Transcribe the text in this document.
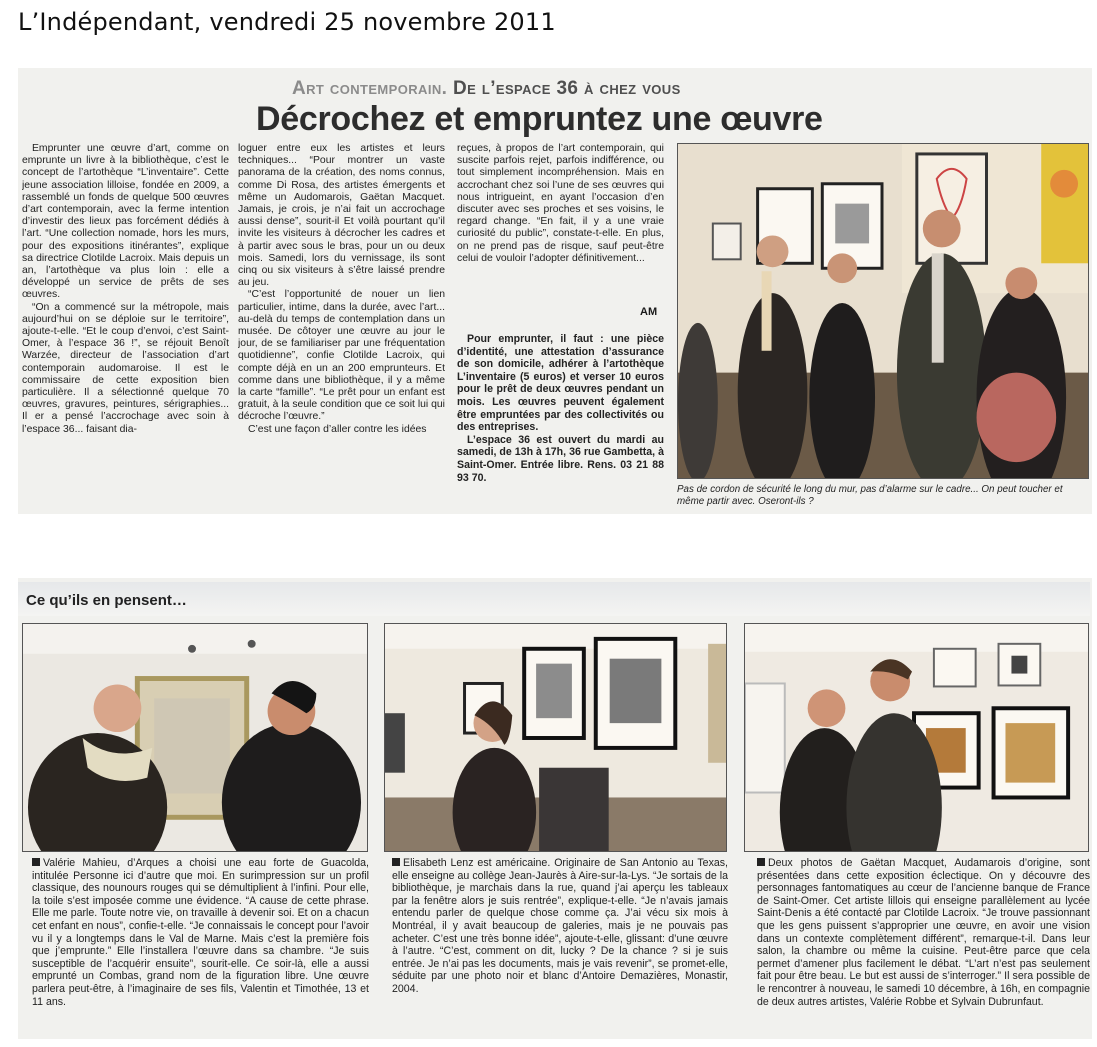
L’Indépendant, vendredi 25 novembre 2011
Art contemporain. De l’espace 36 à chez vous
Décrochez et empruntez une œuvre

Emprunter une œuvre d’art, comme on emprunte un livre à la bibliothèque, c’est le concept de l’artothèque “L’inventaire”. Cette jeune association lilloise, fondée en 2009, a rassemblé un fonds de quelque 500 œuvres d’art contemporain, avec la ferme intention d’investir des lieux pas forcément dédiés à l’art. “Une collection nomade, hors les murs, pour des expositions itinérantes”, explique sa directrice Clotilde Lacroix. Mais depuis un an, l’artothèque va plus loin : elle a développé un service de prêts de ses œuvres.

“On a commencé sur la métropole, mais aujourd’hui on se déploie sur le territoire”, ajoute-t-elle. “Et le coup d’envoi, c’est Saint-Omer, à l’espace 36 !”, se réjouit Benoît Warzée, directeur de l’association d’art contemporain audomaroise. Il est le commissaire de cette exposition bien particulière. Il a sélectionné quelque 70 œuvres, gravures, peintures, sérigraphies... Il er a pensé l’accrochage avec soin à l’espace 36... faisant dia-

loguer entre eux les artistes et leurs techniques... “Pour montrer un vaste panorama de la création, des noms connus, comme Di Rosa, des artistes émergents et même un Audomarois, Gaëtan Macquet. Jamais, je crois, je n’ai fait un accrochage aussi dense”, sourit-il Et voilà pourtant qu’il invite les visiteurs à décrocher les cadres et à partir avec sous le bras, pour un ou deux mois. Samedi, lors du vernissage, ils sont cinq ou six visiteurs à s’être laissé prendre au jeu.

“C’est l’opportunité de nouer un lien particulier, intime, dans la durée, avec l’art... au-delà du temps de contemplation dans un musée. De côtoyer une œuvre au jour le jour, de se familiariser par une fréquentation quotidienne”, confie Clotilde Lacroix, qui compte déjà en un an 200 emprunteurs. Et comme dans une bibliothèque, il y a même la carte “famille”. “Le prêt pour un enfant est gratuit, à la seule condition que ce soit lui qui décroche l’œuvre.”

C’est une façon d’aller contre les idées

reçues, à propos de l’art contemporain, qui suscite parfois rejet, parfois indifférence, ou tout simplement incompréhension. Mais en accrochant chez soi l’une de ses œuvres qui nous intrigueint, en ayant l’occasion d’en discuter avec ses proches et ses voisins, le regard change. “En fait, il y a une vraie curiosité du public”, constate-t-elle. En plus, on ne prend pas de risque, sauf peut-être celui de vouloir l’adopter définitivement...

AM

Pour emprunter, il faut : une pièce d’identité, une attestation d’assurance de son domicile, adhérer à l’artothèque L’inventaire (5 euros) et verser 10 euros pour le prêt de deux œuvres pendant un mois. Les œuvres peuvent également être empruntées par des collectivités ou des entreprises.

L’espace 36 est ouvert du mardi au samedi, de 13h à 17h, 36 rue Gambetta, à Saint-Omer. Entrée libre. Rens. 03 21 88 93 70.

Pas de cordon de sécurité le long du mur, pas d’alarme sur le cadre... On peut toucher et même partir avec. Oseront-ils ?
Ce qu’ils en pensent…
Valérie Mahieu, d’Arques a choisi une eau forte de Guacolda, intitulée Personne ici d’autre que moi. En surimpression sur un profil classique, des nounours rouges qui se démultiplient à l’infini. Pour elle, la toile s’est imposée comme une évidence. “A cause de cette phrase. Elle me parle. Toute notre vie, on travaille à devenir soi. Et on a chacun cet enfant en nous”, confie-t-elle. “Je connaissais le concept pour l’avoir vu il y a longtemps dans le Val de Marne. Mais c’est la première fois que j’emprunte.” Elle l’installera l’œuvre dans sa chambre. “Je suis susceptible de l’acquérir ensuite”, sourit-elle. Ce soir-là, elle a aussi emprunté un Combas, grand nom de la figuration libre. Une œuvre parlera peut-être, à l’imaginaire de ses fils, Valentin et Timothée, 13 et 11 ans.
Elisabeth Lenz est américaine. Originaire de San Antonio au Texas, elle enseigne au collège Jean-Jaurès à Aire-sur-la-Lys. “Je sortais de la bibliothèque, je marchais dans la rue, quand j’ai aperçu les tableaux par la fenêtre alors je suis rentrée”, explique-t-elle. “Je n’avais jamais entendu parler de quelque chose comme ça. J’ai vécu six mois à Montréal, il y avait beaucoup de galeries, mais je ne pouvais pas acheter. C’est une très bonne idée”, ajoute-t-elle, glissant: d’une œuvre à l’autre. “C’est, comment on dit, lucky ? De la chance ? si je suis entrée. Je n’ai pas les documents, mais je vais revenir”, se promet-elle, séduite par une photo noir et blanc d’Antoire Demazières, Monastir, 2004.
Deux photos de Gaëtan Macquet, Audamarois d’origine, sont présentées dans cette exposition éclectique. On y découvre des personnages fantomatiques au cœur de l’ancienne banque de France de Saint-Omer. Cet artiste lillois qui enseigne parallèlement au lycée Saint-Denis a été contacté par Clotilde Lacroix. “Je trouve passionnant que les gens puissent s’approprier une œuvre, en avoir une vision dans un contexte complètement différent”, remarque-t-il. Dans leur salon, la chambre ou même la cuisine. Peut-être parce que cela permet d’amener plus facilement le débat. “L’art n’est pas seulement fait pour être beau. Le but est aussi de s’interroger.” Il sera possible de le rencontrer à nouveau, le samedi 10 décembre, à 16h, en compagnie de deux autres artistes, Valérie Robbe et Sylvain Dubrunfaut.
